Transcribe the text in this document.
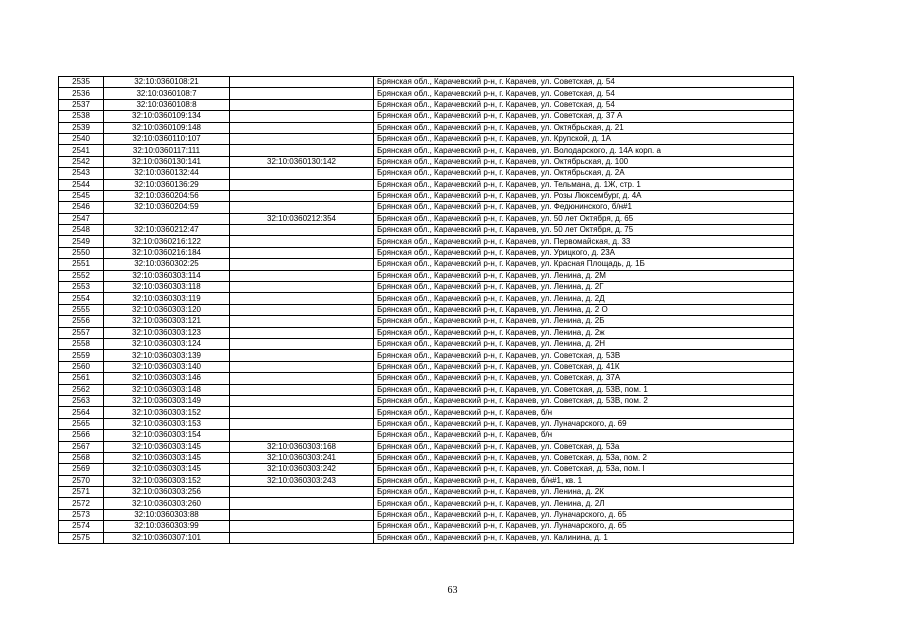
2535	32:10:0360108:21		Брянская обл., Карачевский р-н, г. Карачев, ул. Советская, д. 54
2536	32:10:0360108:7		Брянская обл., Карачевский р-н, г. Карачев, ул. Советская, д. 54
2537	32:10:0360108:8		Брянская обл., Карачевский р-н, г. Карачев, ул. Советская, д. 54
2538	32:10:0360109:134		Брянская обл., Карачевский р-н, г. Карачев, ул. Советская, д. 37 А
2539	32:10:0360109:148		Брянская обл., Карачевский р-н, г. Карачев, ул. Октябрьская, д. 21
2540	32:10:0360110:107		Брянская обл., Карачевский р-н, г. Карачев, ул. Крупской, д. 1А
2541	32:10:0360117:111		Брянская обл., Карачевский р-н, г. Карачев, ул. Володарского, д. 14А корп. а
2542	32:10:0360130:141	32:10:0360130:142	Брянская обл., Карачевский р-н, г. Карачев, ул. Октябрьская, д. 100
2543	32:10:0360132:44		Брянская обл., Карачевский р-н, г. Карачев, ул. Октябрьская, д. 2А
2544	32:10:0360136:29		Брянская обл., Карачевский р-н, г. Карачев, ул. Тельмана, д. 1Ж, стр. 1
2545	32:10:0360204:56		Брянская обл., Карачевский р-н, г. Карачев, ул. Розы Люксембург, д. 4А
2546	32:10:0360204:59		Брянская обл., Карачевский р-н, г. Карачев, ул. Федюнинского, б/н#1
2547		32:10:0360212:354	Брянская обл., Карачевский р-н, г. Карачев, ул. 50 лет Октября, д. 65
2548	32:10:0360212:47		Брянская обл., Карачевский р-н, г. Карачев, ул. 50 лет Октября, д. 75
2549	32:10:0360216:122		Брянская обл., Карачевский р-н, г. Карачев, ул. Первомайская, д. 33
2550	32:10:0360216:184		Брянская обл., Карачевский р-н, г. Карачев, ул. Урицкого, д. 23А
2551	32:10:0360302:25		Брянская обл., Карачевский р-н, г. Карачев, ул. Красная Площадь, д. 1Б
2552	32:10:0360303:114		Брянская обл., Карачевский р-н, г. Карачев, ул. Ленина, д. 2М
2553	32:10:0360303:118		Брянская обл., Карачевский р-н, г. Карачев, ул. Ленина, д. 2Г
2554	32:10:0360303:119		Брянская обл., Карачевский р-н, г. Карачев, ул. Ленина, д. 2Д
2555	32:10:0360303:120		Брянская обл., Карачевский р-н, г. Карачев, ул. Ленина, д. 2 О
2556	32:10:0360303:121		Брянская обл., Карачевский р-н, г. Карачев, ул. Ленина, д. 2Б
2557	32:10:0360303:123		Брянская обл., Карачевский р-н, г. Карачев, ул. Ленина, д. 2ж
2558	32:10:0360303:124		Брянская обл., Карачевский р-н, г. Карачев, ул. Ленина, д. 2Н
2559	32:10:0360303:139		Брянская обл., Карачевский р-н, г. Карачев, ул. Советская, д. 53В
2560	32:10:0360303:140		Брянская обл., Карачевский р-н, г. Карачев, ул. Советская, д. 41К
2561	32:10:0360303:146		Брянская обл., Карачевский р-н, г. Карачев, ул. Советская, д. 37А
2562	32:10:0360303:148		Брянская обл., Карачевский р-н, г. Карачев, ул. Советская, д. 53В, пом. 1
2563	32:10:0360303:149		Брянская обл., Карачевский р-н, г. Карачев, ул. Советская, д. 53В, пом. 2
2564	32:10:0360303:152		Брянская обл., Карачевский р-н, г. Карачев, б/н
2565	32:10:0360303:153		Брянская обл., Карачевский р-н, г. Карачев, ул. Луначарского, д. 69
2566	32:10:0360303:154		Брянская обл., Карачевский р-н, г. Карачев, б/н
2567	32:10:0360303:145	32:10:0360303:168	Брянская обл., Карачевский р-н, г. Карачев, ул. Советская, д. 53а
2568	32:10:0360303:145	32:10:0360303:241	Брянская обл., Карачевский р-н, г. Карачев, ул. Советская, д. 53а, пом. 2
2569	32:10:0360303:145	32:10:0360303:242	Брянская обл., Карачевский р-н, г. Карачев, ул. Советская, д. 53а, пом. I
2570	32:10:0360303:152	32:10:0360303:243	Брянская обл., Карачевский р-н, г. Карачев, б/н#1, кв. 1
2571	32:10:0360303:256		Брянская обл., Карачевский р-н, г. Карачев, ул. Ленина, д. 2К
2572	32:10:0360303:260		Брянская обл., Карачевский р-н, г. Карачев, ул. Ленина, д. 2Л
2573	32:10:0360303:88		Брянская обл., Карачевский р-н, г. Карачев, ул. Луначарского, д. 65
2574	32:10:0360303:99		Брянская обл., Карачевский р-н, г. Карачев, ул. Луначарского, д. 65
2575	32:10:0360307:101		Брянская обл., Карачевский р-н, г. Карачев, ул. Калинина, д. 1
63
